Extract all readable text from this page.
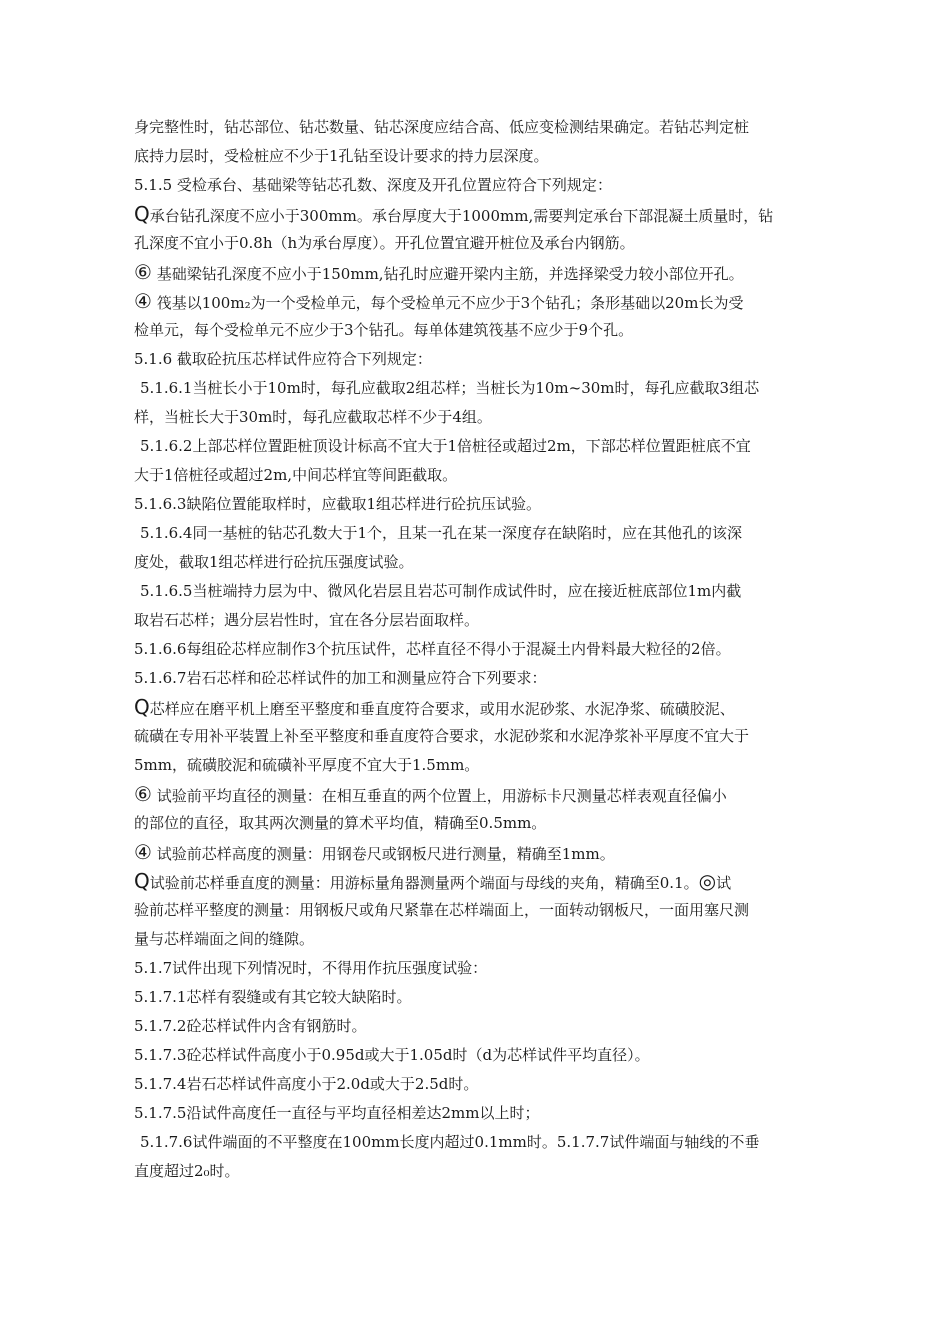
身完整性时，钻芯部位、钻芯数量、钻芯深度应结合高、低应变检测结果确定。若钻芯判定桩
底持力层时，受检桩应不少于1孔钻至设计要求的持力层深度。
5.1.5 受检承台、基础梁等钻芯孔数、深度及开孔位置应符合下列规定：
Q承台钻孔深度不应小于300mm。承台厚度大于1000mm,需要判定承台下部混凝土质量时，钻
孔深度不宜小于0.8h（h为承台厚度）。开孔位置宜避开桩位及承台内钢筋。
⑥ 基础梁钻孔深度不应小于150mm,钻孔时应避开梁内主筋，并选择梁受力较小部位开孔。
④ 筏基以100m₂为一个受检单元，每个受检单元不应少于3个钻孔；条形基础以20m长为受
检单元，每个受检单元不应少于3个钻孔。每单体建筑筏基不应少于9个孔。
5.1.6 截取砼抗压芯样试件应符合下列规定：
5.1.6.1当桩长小于10m时，每孔应截取2组芯样；当桩长为10m~30m时，每孔应截取3组芯
样，当桩长大于30m时，每孔应截取芯样不少于4组。
5.1.6.2上部芯样位置距桩顶设计标高不宜大于1倍桩径或超过2m，下部芯样位置距桩底不宜
大于1倍桩径或超过2m,中间芯样宜等间距截取。
5.1.6.3缺陷位置能取样时，应截取1组芯样进行砼抗压试验。
5.1.6.4同一基桩的钻芯孔数大于1个，且某一孔在某一深度存在缺陷时，应在其他孔的该深
度处，截取1组芯样进行砼抗压强度试验。
5.1.6.5当桩端持力层为中、微风化岩层且岩芯可制作成试件时，应在接近桩底部位1m内截
取岩石芯样；遇分层岩性时，宜在各分层岩面取样。
5.1.6.6每组砼芯样应制作3个抗压试件，芯样直径不得小于混凝土内骨料最大粒径的2倍。
5.1.6.7岩石芯样和砼芯样试件的加工和测量应符合下列要求：
Q芯样应在磨平机上磨至平整度和垂直度符合要求，或用水泥砂浆、水泥净浆、硫磺胶泥、
硫磺在专用补平装置上补至平整度和垂直度符合要求，水泥砂浆和水泥净浆补平厚度不宜大于
5mm，硫磺胶泥和硫磺补平厚度不宜大于1.5mm。
⑥ 试验前平均直径的测量：在相互垂直的两个位置上，用游标卡尺测量芯样表观直径偏小
的部位的直径，取其两次测量的算术平均值，精确至0.5mm。
④ 试验前芯样高度的测量：用钢卷尺或钢板尺进行测量，精确至1mm。
Q试验前芯样垂直度的测量：用游标量角器测量两个端面与母线的夹角，精确至0.1。◎试
验前芯样平整度的测量：用钢板尺或角尺紧靠在芯样端面上，一面转动钢板尺，一面用塞尺测
量与芯样端面之间的缝隙。
5.1.7试件出现下列情况时，不得用作抗压强度试验：
5.1.7.1芯样有裂缝或有其它较大缺陷时。
5.1.7.2砼芯样试件内含有钢筋时。
5.1.7.3砼芯样试件高度小于0.95d或大于1.05d时（d为芯样试件平均直径）。
5.1.7.4岩石芯样试件高度小于2.0d或大于2.5d时。
5.1.7.5沿试件高度任一直径与平均直径相差达2mm以上时；
5.1.7.6试件端面的不平整度在100mm长度内超过0.1mm时。5.1.7.7试件端面与轴线的不垂
直度超过2₀时。
